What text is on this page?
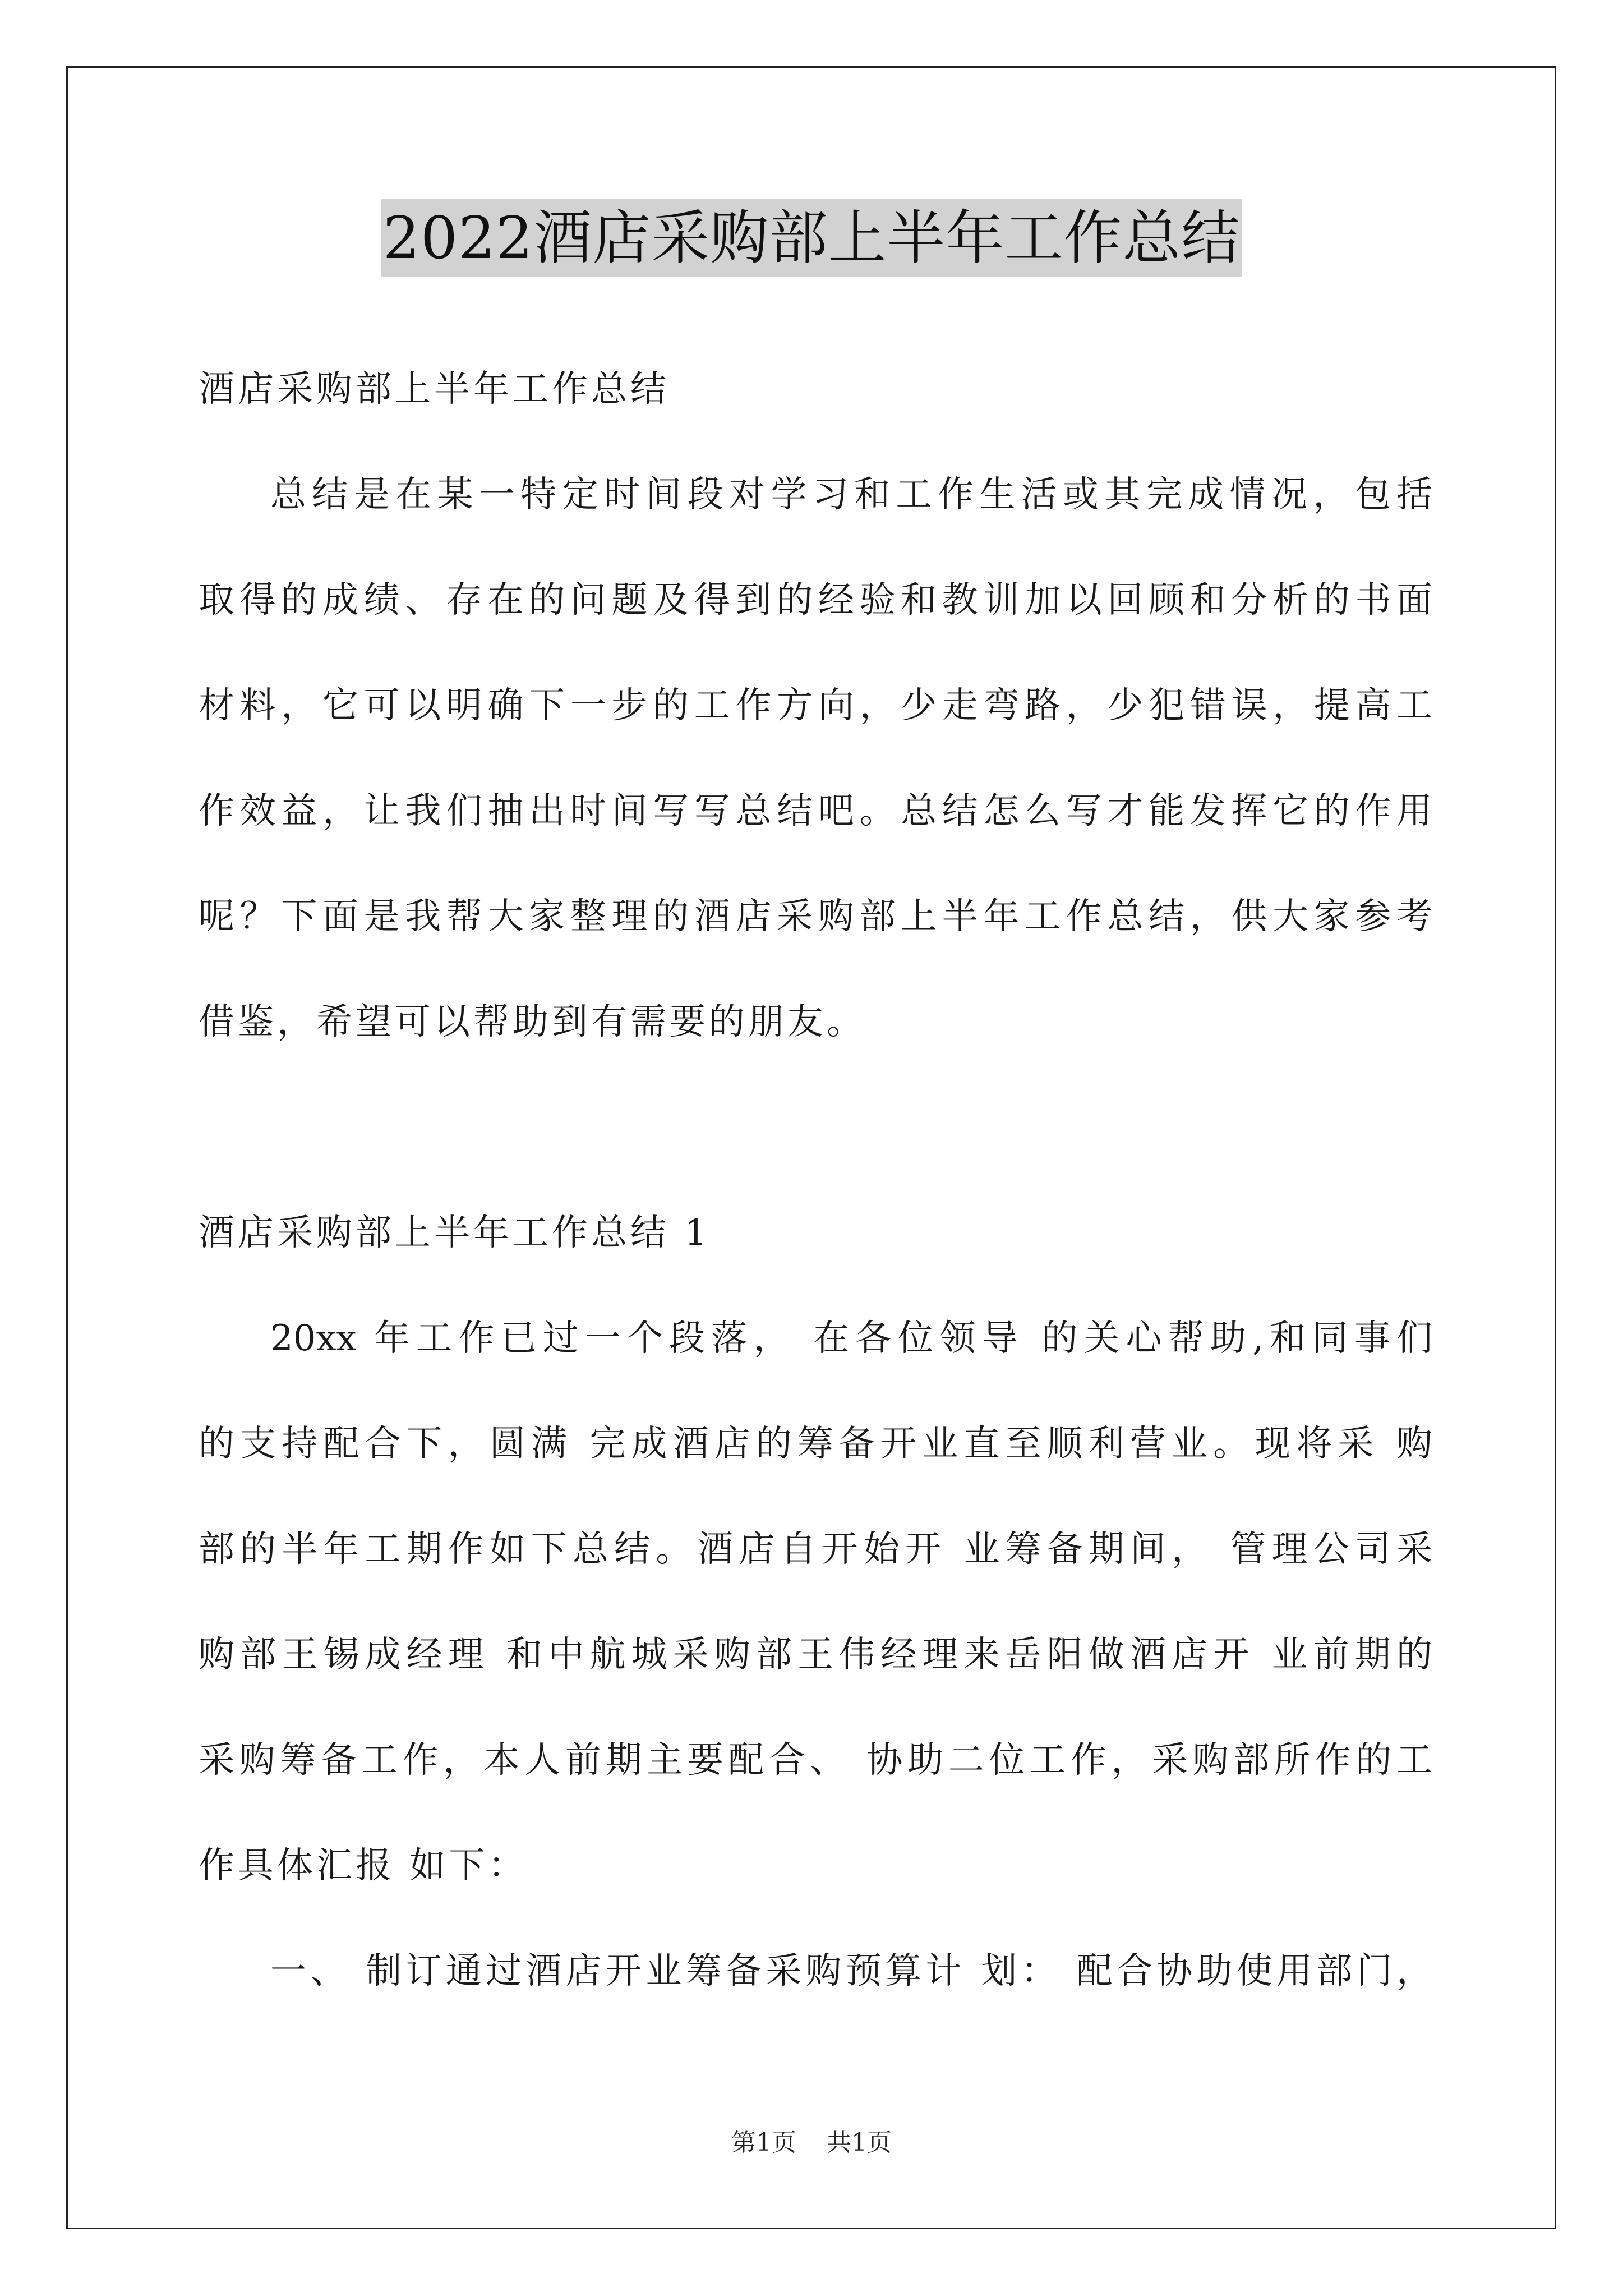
2022酒店采购部上半年工作总结
酒店采购部上半年工作总结
总结是在某一特定时间段对学习和工作生活或其完成情况，包括
取得的成绩、存在的问题及得到的经验和教训加以回顾和分析的书面
材料，它可以明确下一步的工作方向，少走弯路，少犯错误，提高工
作效益，让我们抽出时间写写总结吧。总结怎么写才能发挥它的作用
呢？下面是我帮大家整理的酒店采购部上半年工作总结，供大家参考
借鉴，希望可以帮助到有需要的朋友。
酒店采购部上半年工作总结 1
20xx 年工作已过一个段落， 在各位领导 的关心帮助,和同事们
的支持配合下，圆满 完成酒店的筹备开业直至顺利营业。现将采 购
部的半年工期作如下总结。酒店自开始开 业筹备期间， 管理公司采
购部王锡成经理 和中航城采购部王伟经理来岳阳做酒店开 业前期的
采购筹备工作，本人前期主要配合、 协助二位工作，采购部所作的工
作具体汇报 如下：
一、 制订通过酒店开业筹备采购预算计 划： 配合协助使用部门，
第1页 共1页
